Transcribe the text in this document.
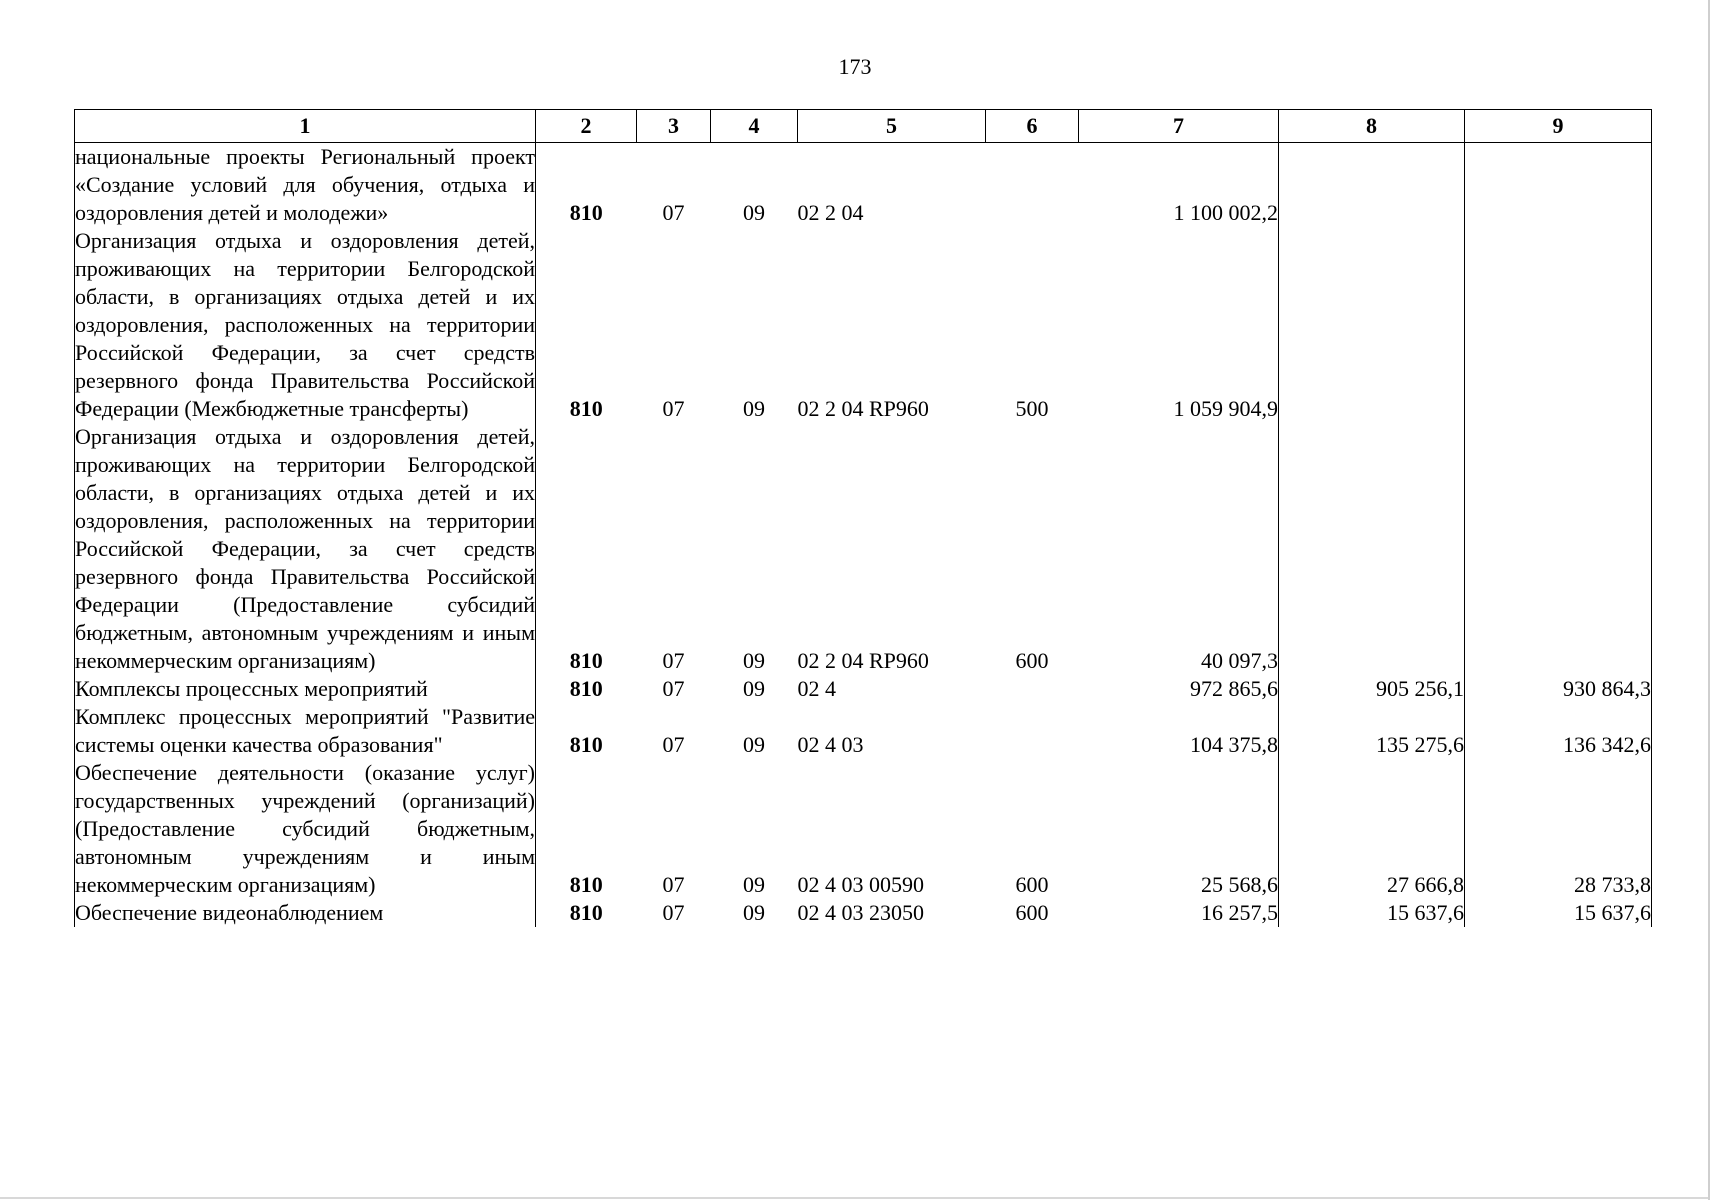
173
1	2	3	4	5	6	7	8	9
национальные проекты Региональный проект «Создание условий для обучения, отдыха и оздоровления детей и молодежи»	810	07	09	02 2 04		1 100 002,2		
Организация отдыха и оздоровления детей, проживающих на территории Белгородской области, в организациях отдыха детей и их оздоровления, расположенных на территории Российской Федерации, за счет средств резервного фонда Правительства Российской Федерации (Межбюджетные трансферты)	810	07	09	02 2 04 RP960	500	1 059 904,9		
Организация отдыха и оздоровления детей, проживающих на территории Белгородской области, в организациях отдыха детей и их оздоровления, расположенных на территории Российской Федерации, за счет средств резервного фонда Правительства Российской Федерации (Предоставление субсидий бюджетным, автономным учреждениям и иным некоммерческим организациям)	810	07	09	02 2 04 RP960	600	40 097,3		
Комплексы процессных мероприятий	810	07	09	02 4		972 865,6	905 256,1	930 864,3
Комплекс процессных мероприятий "Развитие системы оценки качества образования"	810	07	09	02 4 03		104 375,8	135 275,6	136 342,6
Обеспечение деятельности (оказание услуг) государственных учреждений (организаций) (Предоставление субсидий бюджетным, автономным учреждениям и иным некоммерческим организациям)	810	07	09	02 4 03 00590	600	25 568,6	27 666,8	28 733,8
Обеспечение видеонаблюдением	810	07	09	02 4 03 23050	600	16 257,5	15 637,6	15 637,6
